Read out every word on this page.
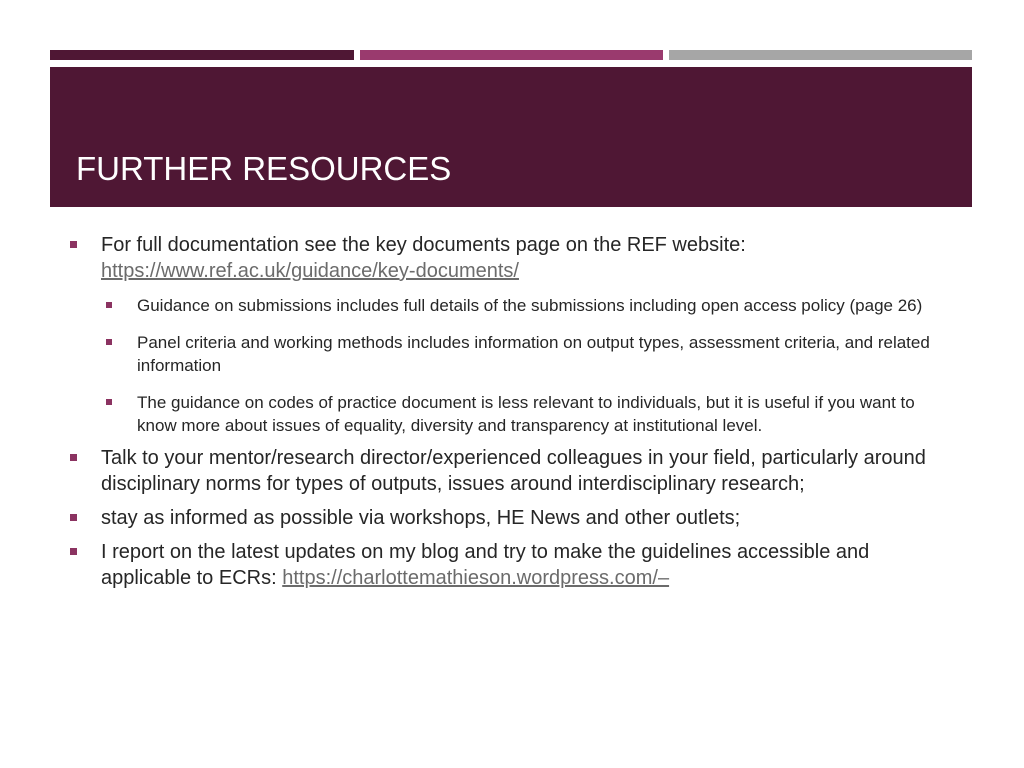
FURTHER RESOURCES
For full documentation see the key documents page on the REF website:
https://www.ref.ac.uk/guidance/key-documents/
Guidance on submissions includes full details of the submissions including open access policy (page 26)
Panel criteria and working methods includes information on output types, assessment criteria, and related information
The guidance on codes of practice document is less relevant to individuals, but it is useful if you want to know more about issues of equality, diversity and transparency at institutional level.
Talk to your mentor/research director/experienced colleagues in your field, particularly around disciplinary norms for types of outputs, issues around interdisciplinary research;
stay as informed as possible via workshops, HE News and other outlets;
I report on the latest updates on my blog and try to make the guidelines accessible and applicable to ECRs: https://charlottemathieson.wordpress.com/–
